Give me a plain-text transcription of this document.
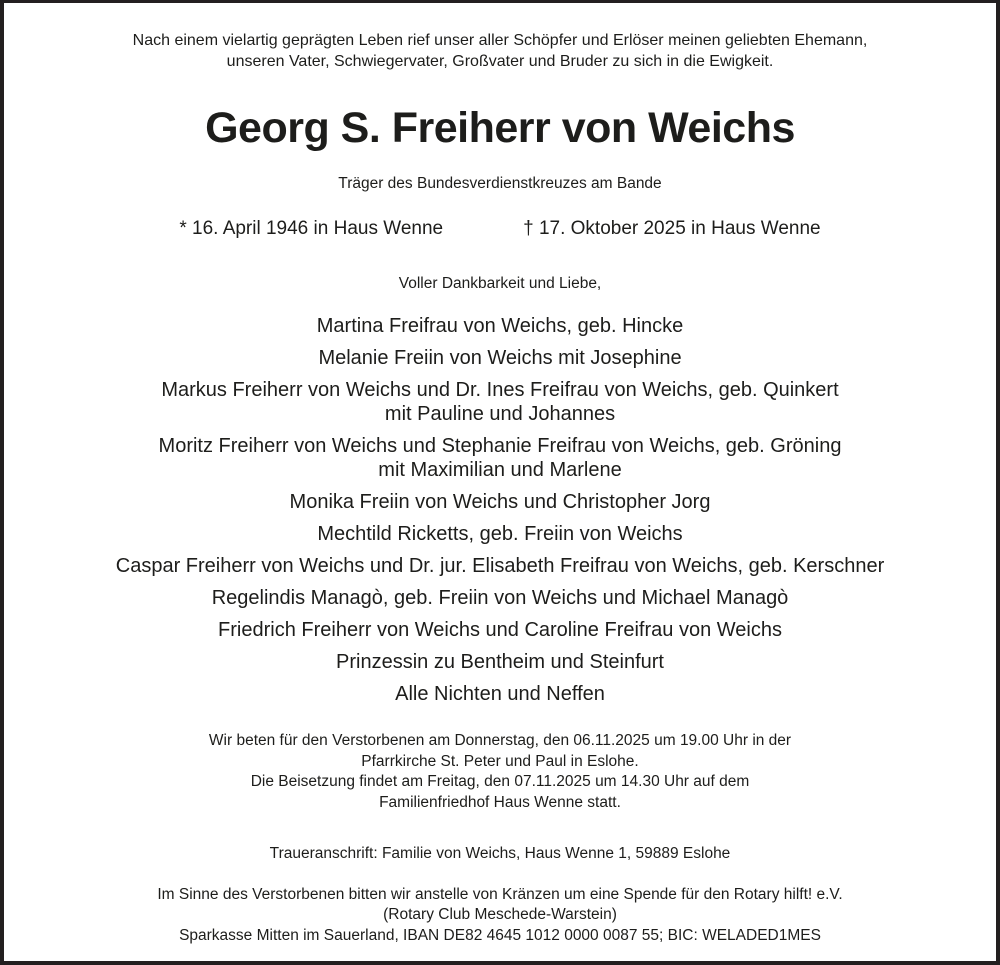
Nach einem vielartig geprägten Leben rief unser aller Schöpfer und Erlöser meinen geliebten Ehemann,
unseren Vater, Schwiegervater, Großvater und Bruder zu sich in die Ewigkeit.
Georg S. Freiherr von Weichs
Träger des Bundesverdienstkreuzes am Bande
* 16. April 1946 in Haus Wenne	† 17. Oktober 2025 in Haus Wenne
Voller Dankbarkeit und Liebe,
Martina Freifrau von Weichs, geb. Hincke
Melanie Freiin von Weichs mit Josephine
Markus Freiherr von Weichs und Dr. Ines Freifrau von Weichs, geb. Quinkert
mit Pauline und Johannes
Moritz Freiherr von Weichs und Stephanie Freifrau von Weichs, geb. Gröning
mit Maximilian und Marlene
Monika Freiin von Weichs und Christopher Jorg
Mechtild Ricketts, geb. Freiin von Weichs
Caspar Freiherr von Weichs und Dr. jur. Elisabeth Freifrau von Weichs, geb. Kerschner
Regelindis Managò, geb. Freiin von Weichs und Michael Managò
Friedrich Freiherr von Weichs und Caroline Freifrau von Weichs
Prinzessin zu Bentheim und Steinfurt
Alle Nichten und Neffen
Wir beten für den Verstorbenen am Donnerstag, den 06.11.2025 um 19.00 Uhr in der
Pfarrkirche St. Peter und Paul in Eslohe.
Die Beisetzung findet am Freitag, den 07.11.2025 um 14.30 Uhr auf dem
Familienfriedhof Haus Wenne statt.
Traueranschrift: Familie von Weichs, Haus Wenne 1, 59889 Eslohe
Im Sinne des Verstorbenen bitten wir anstelle von Kränzen um eine Spende für den Rotary hilft! e.V.
(Rotary Club Meschede-Warstein)
Sparkasse Mitten im Sauerland, IBAN DE82 4645 1012 0000 0087 55; BIC: WELADED1MES
